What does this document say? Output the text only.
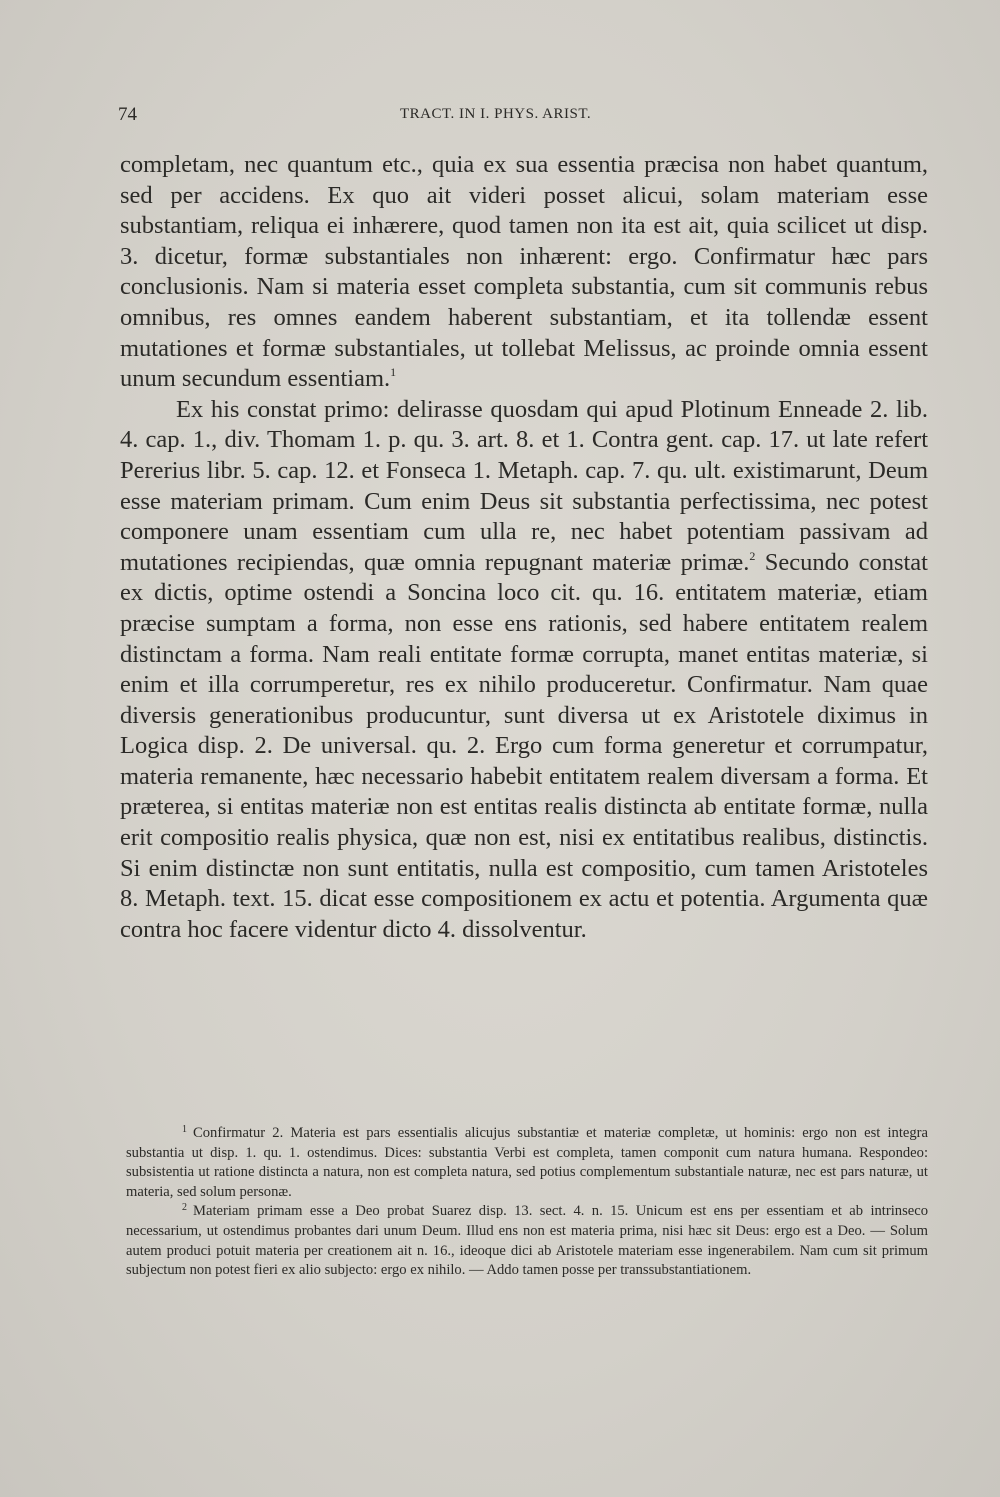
74	TRACT. IN I. PHYS. ARIST.

completam, nec quantum etc., quia ex sua essentia præcisa non habet quantum, sed per accidens. Ex quo ait videri posset alicui, solam materiam esse substantiam, reliqua ei inhærere, quod tamen non ita est ait, quia scilicet ut disp. 3. dicetur, formæ substantiales non inhærent: ergo. Confirmatur hæc pars conclusionis. Nam si materia esset completa substantia, cum sit communis rebus omnibus, res omnes eandem haberent substantiam, et ita tollendæ essent mutationes et formæ substantiales, ut tollebat Melissus, ac proinde omnia essent unum secundum essentiam.$^1$

Ex his constat primo: delirasse quosdam qui apud Plotinum Enneade 2. lib. 4. cap. 1., div. Thomam 1. p. qu. 3. art. 8. et 1. Contra gent. cap. 17. ut late refert Pererius libr. 5. cap. 12. et Fonseca 1. Metaph. cap. 7. qu. ult. existimarunt, Deum esse materiam primam. Cum enim Deus sit substantia perfectissima, nec potest componere unam essentiam cum ulla re, nec habet potentiam passivam ad mutationes recipiendas, quæ omnia repugnant materiæ primæ.$^2$ Secundo constat ex dictis, optime ostendi a Soncina loco cit. qu. 16. entitatem materiæ, etiam præcise sumptam a forma, non esse ens rationis, sed habere entitatem realem distinctam a forma. Nam reali entitate formæ corrupta, manet entitas materiæ, si enim et illa corrumperetur, res ex nihilo produceretur. Confirmatur. Nam quae diversis generationibus producuntur, sunt diversa ut ex Aristotele diximus in Logica disp. 2. De universal. qu. 2. Ergo cum forma generetur et corrumpatur, materia remanente, hæc necessario habebit entitatem realem diversam a forma. Et præterea, si entitas materiæ non est entitas realis distincta ab entitate formæ, nulla erit compositio realis physica, quæ non est, nisi ex entitatibus realibus, distinctis. Si enim distinctæ non sunt entitatis, nulla est compositio, cum tamen Aristoteles 8. Metaph. text. 15. dicat esse compositionem ex actu et potentia. Argumenta quæ contra hoc facere videntur dicto 4. dissolventur.

$^1$ Confirmatur 2. Materia est pars essentialis alicujus substantiæ et materiæ completæ, ut hominis: ergo non est integra substantia ut disp. 1. qu. 1. ostendimus. Dices: substantia Verbi est completa, tamen componit cum natura humana. Respondeo: subsistentia ut ratione distincta a natura, non est completa natura, sed potius complementum substantiale naturæ, nec est pars naturæ, ut materia, sed solum personæ.

$^2$ Materiam primam esse a Deo probat Suarez disp. 13. sect. 4. n. 15. Unicum est ens per essentiam et ab intrinseco necessarium, ut ostendimus probantes dari unum Deum. Illud ens non est materia prima, nisi hæc sit Deus: ergo est a Deo. — Solum autem produci potuit materia per creationem ait n. 16., ideoque dici ab Aristotele materiam esse ingenerabilem. Nam cum sit primum subjectum non potest fieri ex alio subjecto: ergo ex nihilo. — Addo tamen posse per transsubstantiationem.
